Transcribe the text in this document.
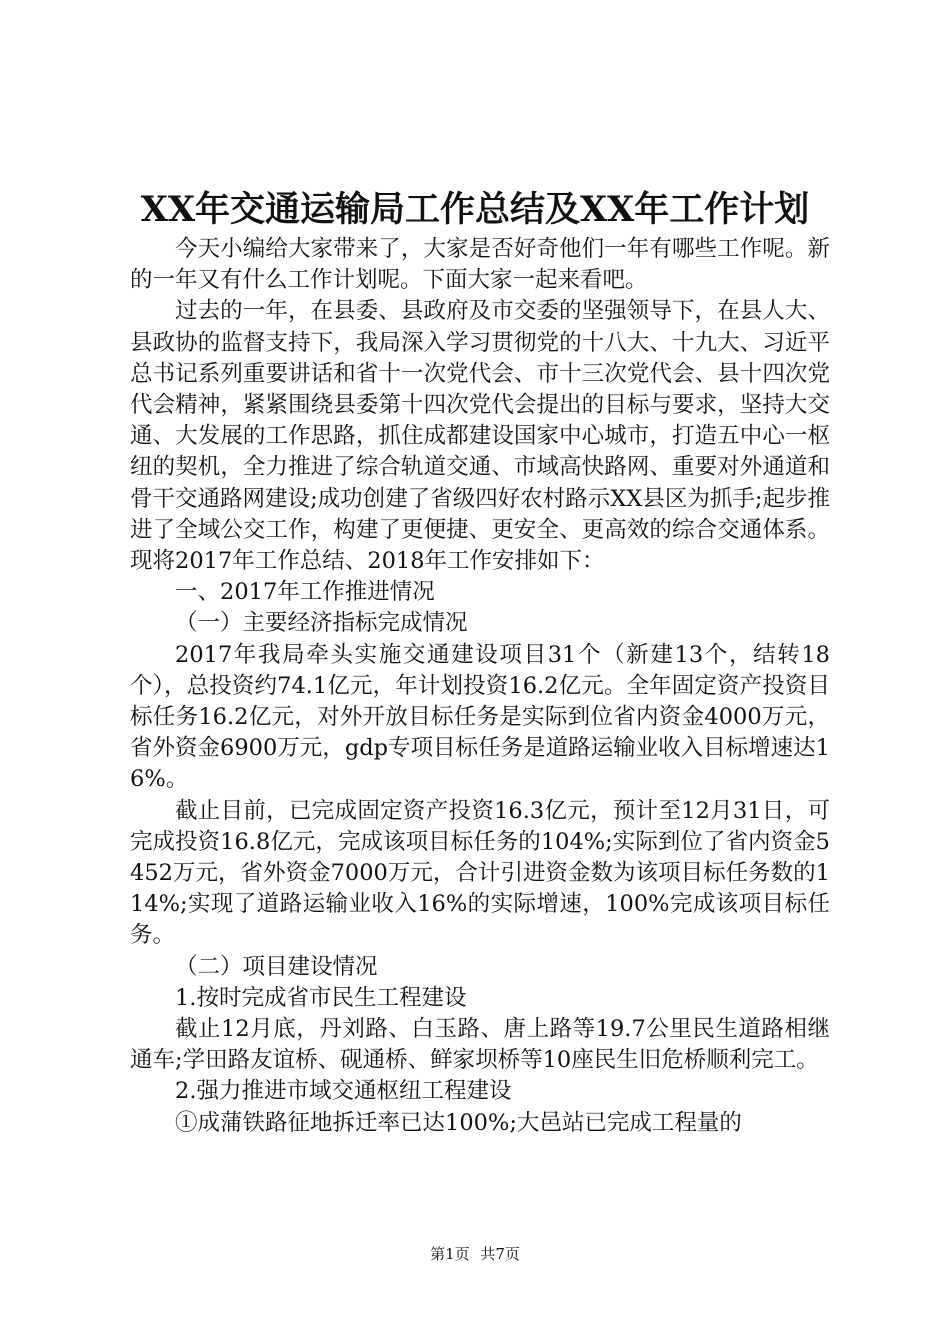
XX年交通运输局工作总结及XX年工作计划

今天小编给大家带来了，大家是否好奇他们一年有哪些工作呢。新的一年又有什么工作计划呢。下面大家一起来看吧。

过去的一年，在县委、县政府及市交委的坚强领导下，在县人大、县政协的监督支持下，我局深入学习贯彻党的十八大、十九大、习近平总书记系列重要讲话和省十一次党代会、市十三次党代会、县十四次党代会精神，紧紧围绕县委第十四次党代会提出的目标与要求，坚持大交通、大发展的工作思路，抓住成都建设国家中心城市，打造五中心一枢纽的契机，全力推进了综合轨道交通、市域高快路网、重要对外通道和骨干交通路网建设;成功创建了省级四好农村路示XX县区为抓手;起步推进了全域公交工作，构建了更便捷、更安全、更高效的综合交通体系。现将2017年工作总结、2018年工作安排如下：

一、2017年工作推进情况

（一）主要经济指标完成情况

2017年我局牵头实施交通建设项目31个（新建13个，结转18个），总投资约74.1亿元，年计划投资16.2亿元。全年固定资产投资目标任务16.2亿元，对外开放目标任务是实际到位省内资金4000万元，省外资金6900万元，gdp专项目标任务是道路运输业收入目标增速达16%。

截止目前，已完成固定资产投资16.3亿元，预计至12月31日，可完成投资16.8亿元，完成该项目标任务的104%;实际到位了省内资金5452万元，省外资金7000万元，合计引进资金数为该项目标任务数的114%;实现了道路运输业收入16%的实际增速，100%完成该项目标任务。

（二）项目建设情况

1.按时完成省市民生工程建设

截止12月底，丹刘路、白玉路、唐上路等19.7公里民生道路相继通车;学田路友谊桥、砚通桥、鲜家坝桥等10座民生旧危桥顺利完工。

2.强力推进市域交通枢纽工程建设

①成蒲铁路征地拆迁率已达100%;大邑站已完成工程量的

第1页 共7页
